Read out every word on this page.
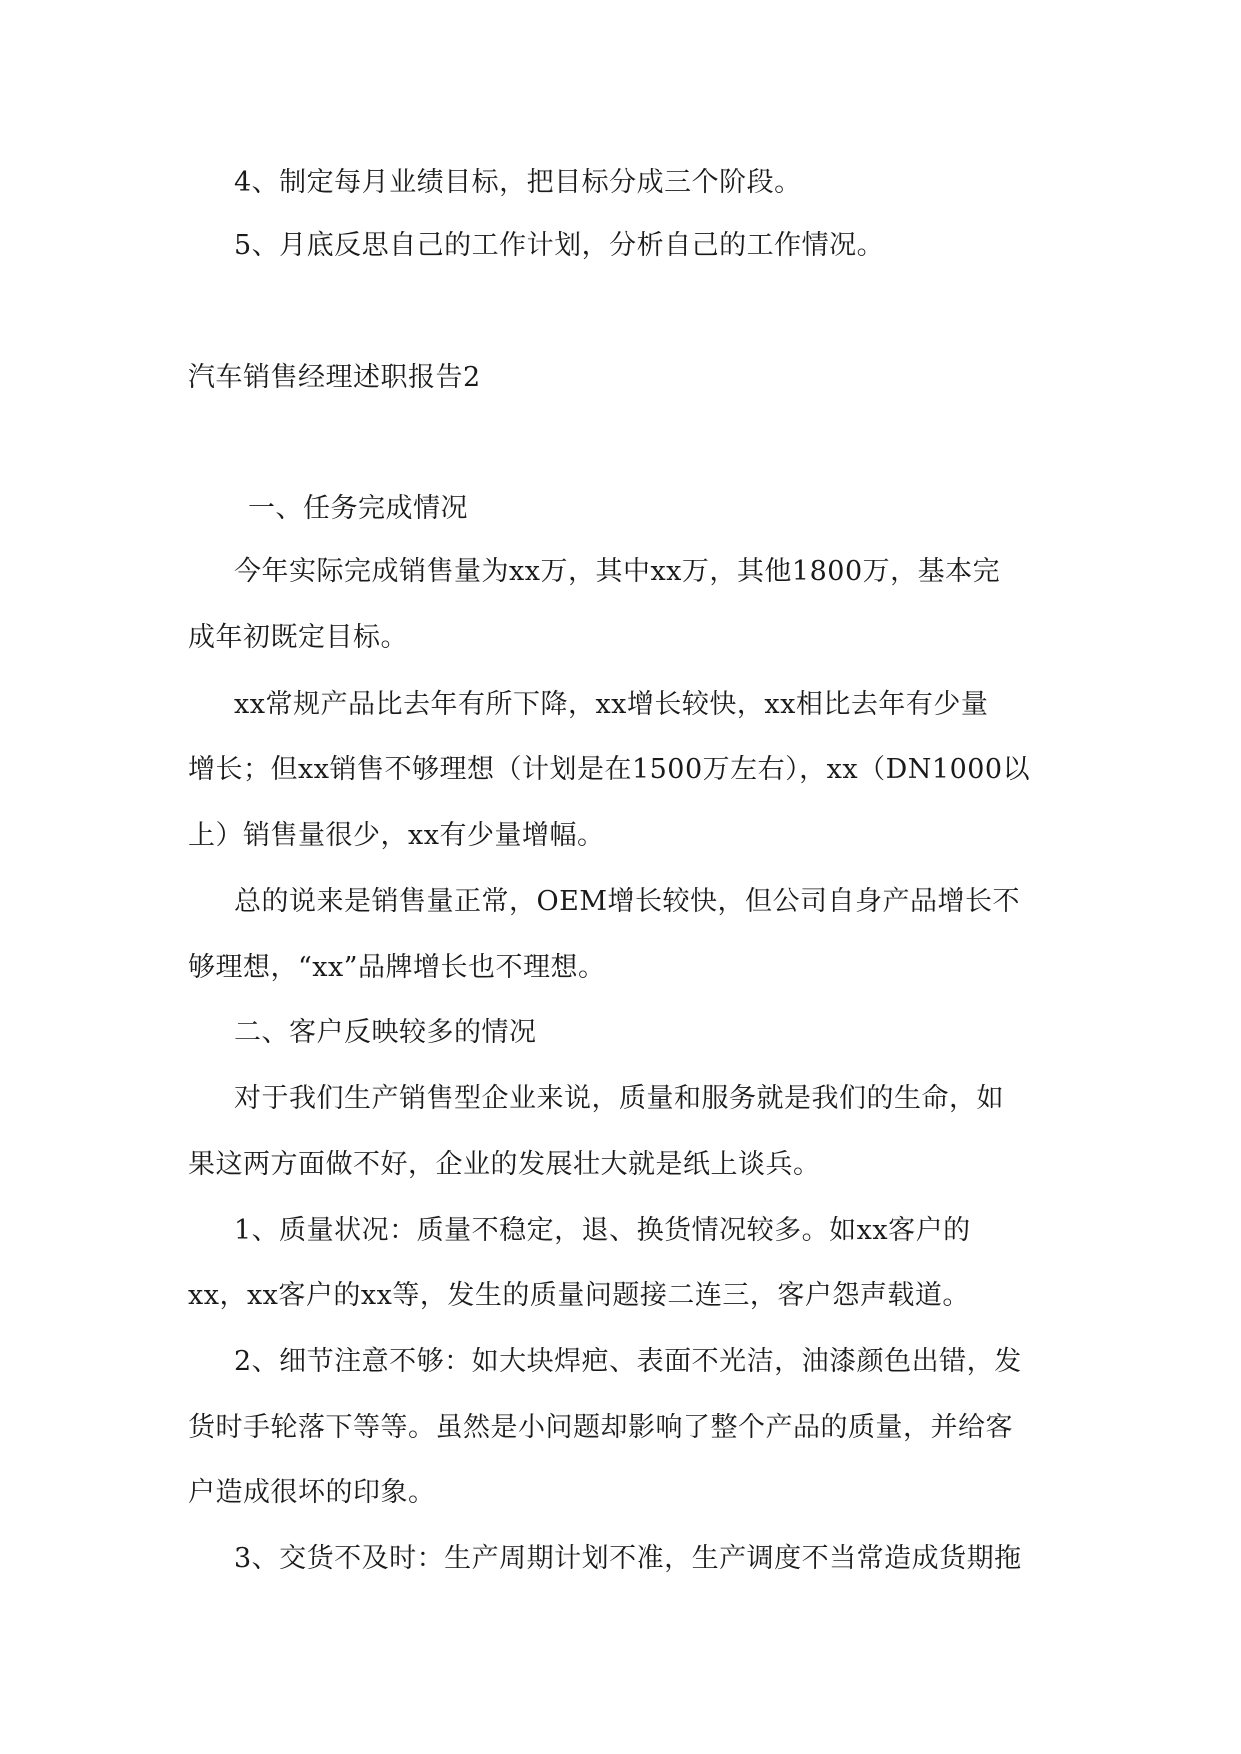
4、制定每月业绩目标，把目标分成三个阶段。
5、月底反思自己的工作计划，分析自己的工作情况。
汽车销售经理述职报告2
一、任务完成情况
今年实际完成销售量为xx万，其中xx万，其他1800万，基本完
成年初既定目标。
xx常规产品比去年有所下降，xx增长较快，xx相比去年有少量
增长；但xx销售不够理想（计划是在1500万左右），xx（DN1000以
上）销售量很少，xx有少量增幅。
总的说来是销售量正常，OEM增长较快，但公司自身产品增长不
够理想，“xx”品牌增长也不理想。
二、客户反映较多的情况
对于我们生产销售型企业来说，质量和服务就是我们的生命，如
果这两方面做不好，企业的发展壮大就是纸上谈兵。
1、质量状况：质量不稳定，退、换货情况较多。如xx客户的
xx，xx客户的xx等，发生的质量问题接二连三，客户怨声载道。
2、细节注意不够：如大块焊疤、表面不光洁，油漆颜色出错，发
货时手轮落下等等。虽然是小问题却影响了整个产品的质量，并给客
户造成很坏的印象。
3、交货不及时：生产周期计划不准，生产调度不当常造成货期拖
